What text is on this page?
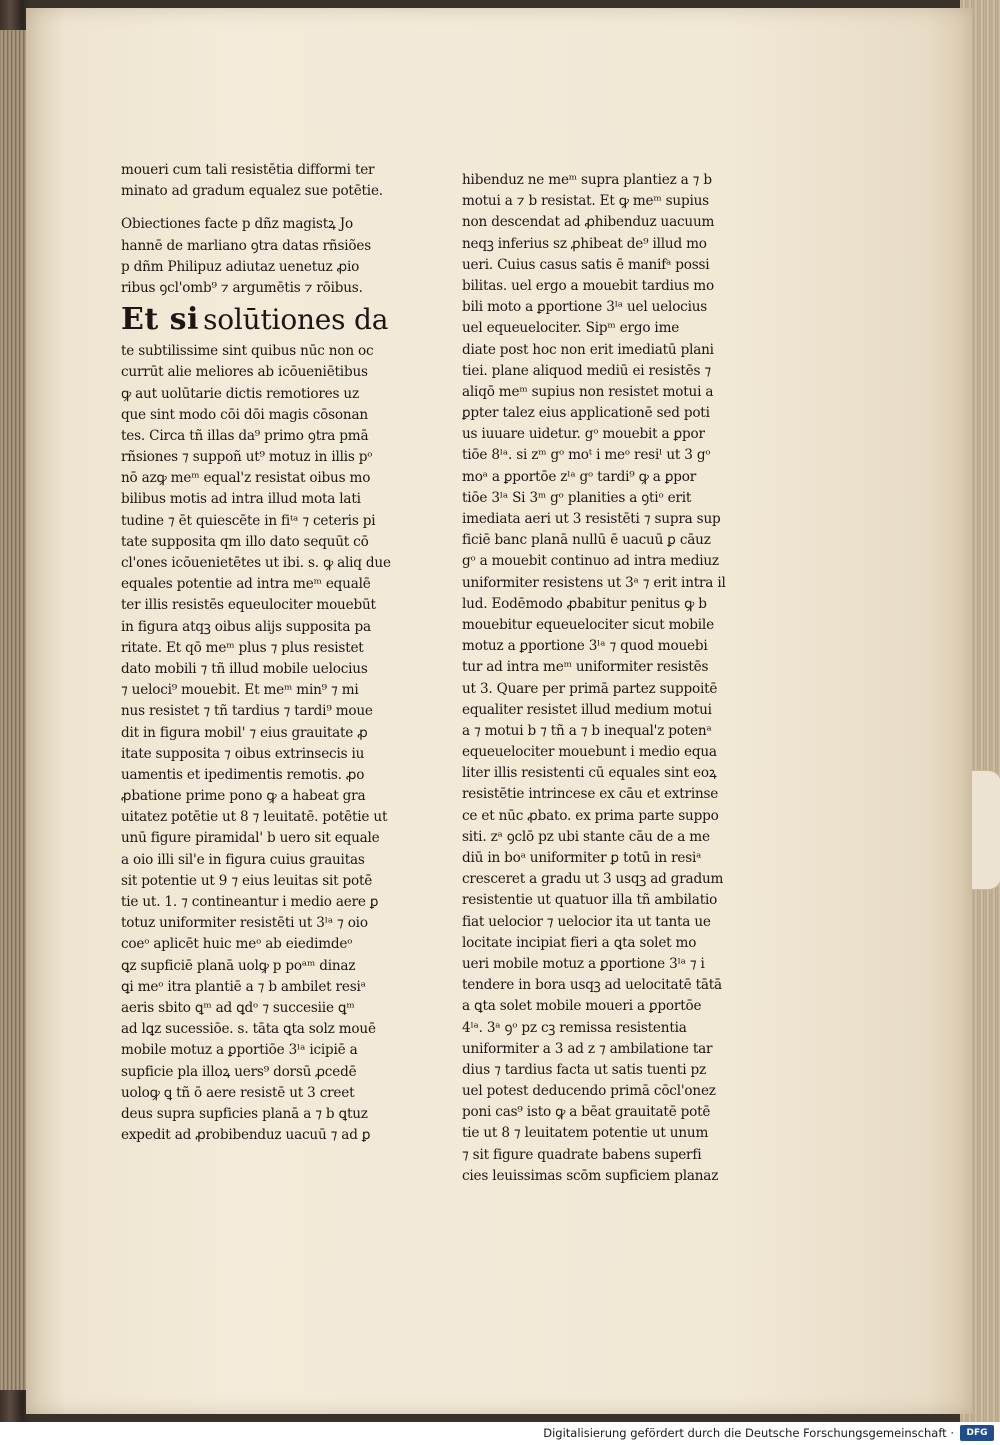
moueri cum tali resistētia difformi ter
minato ad gradum equalez sue potētie.
Obiectiones facte p dñz magistꝝ Jo
hannē de marliano ꝯtra datas rñsiões
p dñm Philipuz adiutaz uenetuz ꝓio
ribus ꝯcl'omb⁹ ⁊ argumētis ⁊ rōibus.
Et si solūtiones da
te subtilissime sint quibus nūc non oc
currūt alie meliores ab icōueniētibus
ꝙ aut uolūtarie dictis remotiores uz
que sint modo cōi dōi magis cōsonan
tes. Circa tñ illas da⁹ primo ꝯtra pmā
rñsiones ⁊ suppoñ ut⁹ motuz in illis pᵒ
nō azꝙ meᵐ equal'z resistat oibus mo
bilibus motis ad intra illud mota lati
tudine ⁊ ēt quiescēte in fiᵗᵃ ⁊ ceteris pi
tate supposita qm illo dato sequūt cō
cl'ones icōuenietētes ut ibi. s. ꝙ aliq due
equales potentie ad intra meᵐ equalē
ter illis resistēs equeulociter mouebūt
in figura atqꝫ oibus alijs supposita pa
ritate. Et qō meᵐ plus ⁊ plus resistet
dato mobili ⁊ tñ illud mobile uelocius
⁊ ueloci⁹ mouebit. Et meᵐ min⁹ ⁊ mi
nus resistet ⁊ tñ tardius ⁊ tardi⁹ moue
dit in figura mobil' ⁊ eius grauitate ꝓ
itate supposita ⁊ oibus extrinsecis iu
uamentis et ipedimentis remotis. ꝓo
ꝓbatione prime pono ꝙ a habeat gra
uitatez potētie ut 8 ⁊ leuitatē. potētie ut
unū figure piramidal' b uero sit equale
a oio illi sil'e in figura cuius grauitas
sit potentie ut 9 ⁊ eius leuitas sit potē
tie ut. 1. ⁊ contineantur i medio aere ꝑ
totuz uniformiter resistēti ut 3ˡᵃ ⁊ oio
coeᵒ aplicēt huic meᵒ ab eiedimdeᵒ
ꝗz supficiē planā uolꝙ p poᵃᵐ dinaz
ꝗi meᵒ itra plantiē a ⁊ b ambilet resiᵃ
aeris sbito ꝗᵐ ad ꝗdᵒ ⁊ succesiie ꝗᵐ
ad lꝗz sucessiōe. s. tāta ꝗta solz mouē
mobile motuz a ꝑportiōe 3ˡᵃ icipiē a
supficie pla illoꝝ uers⁹ dorsū ꝓcedē
uoloꝙ ꝗ tñ ō aere resistē ut 3 creet
deus supra supficies planā a ⁊ b ꝗtuz
expedit ad ꝓrobibenduz uacuū ⁊ ad ꝑ
hibenduz ne meᵐ supra plantiez a ⁊ b
motui a ⁊ b resistat. Et ꝙ meᵐ supius
non descendat ad ꝓhibenduz uacuum
neqꝫ inferius sz ꝓhibeat de⁹ illud mo
ueri. Cuius casus satis ē manifᵃ possi
bilitas. uel ergo a mouebit tardius mo
bili moto a ꝑportione 3ˡᵃ uel uelocius
uel equeuelociter. Sipᵐ ergo ime
diate post hoc non erit imediatū plani
tiei. plane aliquod mediū ei resistēs ⁊
aliqō meᵐ supius non resistet motui a
ꝑpter talez eius applicationē sed poti
us iuuare uidetur. gᵒ mouebit a ꝑpor
tiōe 8ˡᵃ. si zᵐ gᵒ moᵗ i meᵒ resiˡ ut 3 gᵒ
moᵃ a ꝑportōe zˡᵃ gᵒ tardi⁹ ꝙ a ꝑpor
tiōe 3ˡᵃ Si 3ᵐ gᵒ planities a ꝯtiᵒ erit
imediata aeri ut 3 resistēti ⁊ supra sup
ficiē banc planā nullū ē uacuū ꝑ cāuz
gᵒ a mouebit continuo ad intra mediuz
uniformiter resistens ut 3ᵃ ⁊ erit intra il
lud. Eodēmodo ꝓbabitur penitus ꝙ b
mouebitur equeuelociter sicut mobile
motuz a ꝑportione 3ˡᵃ ⁊ quod mouebi
tur ad intra meᵐ uniformiter resistēs
ut 3. Quare per primā partez suppoitē
equaliter resistet illud medium motui
a ⁊ motui b ⁊ tñ a ⁊ b inequal'z potenᵃ
equeuelociter mouebunt i medio equa
liter illis resistenti cū equales sint eoꝝ
resistētie intrincese ex cāu et extrinse
ce et nūc ꝓbato. ex prima parte suppo
siti. zᵃ ꝯclō pz ubi stante cāu de a me
diū in boᵃ uniformiter ꝑ totū in resiᵃ
cresceret a gradu ut 3 usqꝫ ad gradum
resistentie ut quatuor illa tñ ambilatio
fiat uelocior ⁊ uelocior ita ut tanta ue
locitate incipiat fieri a ꝗta solet mo
ueri mobile motuz a ꝑportione 3ˡᵃ ⁊ i
tendere in bora usqꝫ ad uelocitatē tātā
a ꝗta solet mobile moueri a ꝑportōe
4ˡᵃ. 3ᵃ ꝯᵒ pz cꝫ remissa resistentia
uniformiter a 3 ad z ⁊ ambilatione tar
dius ⁊ tardius facta ut satis tuenti pz
uel potest deducendo primā cōcl'onez
poni cas⁹ isto ꝙ a bēat grauitatē potē
tie ut 8 ⁊ leuitatem potentie ut unum
⁊ sit figure quadrate babens superfi
cies leuissimas scōm supficiem planaz
Digitalisierung gefördert durch die Deutsche Forschungsgemeinschaft ·	DFG
